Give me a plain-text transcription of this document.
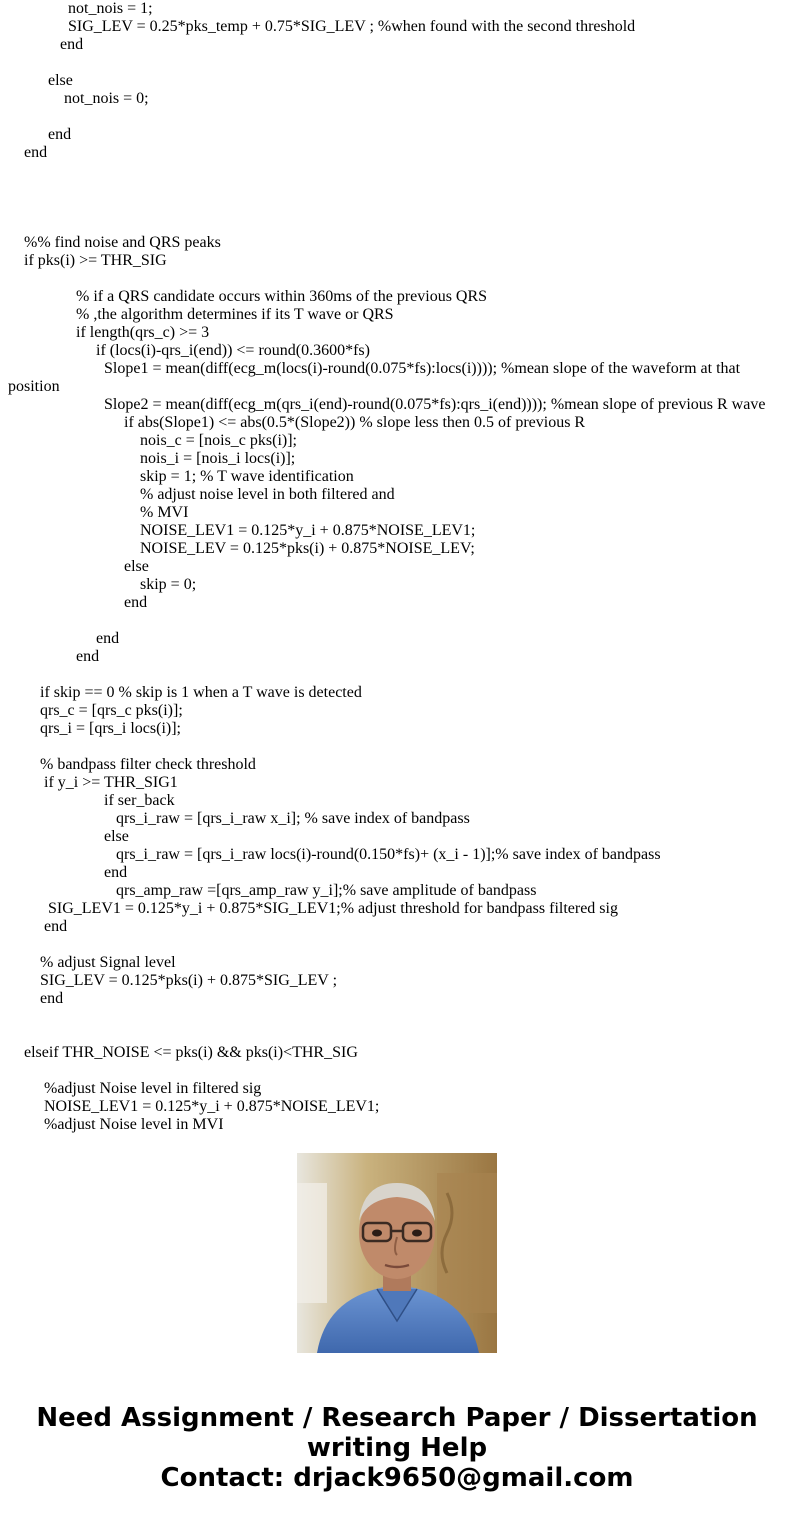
not_nois = 1;
SIG_LEV = 0.25*pks_temp + 0.75*SIG_LEV ; %when found with the second threshold
end
else
not_nois = 0;
end
end
%% find noise and QRS peaks
if pks(i) >= THR_SIG
% if a QRS candidate occurs within 360ms of the previous QRS
% ,the algorithm determines if its T wave or QRS
if length(qrs_c) >= 3
if (locs(i)-qrs_i(end)) <= round(0.3600*fs)
Slope1 = mean(diff(ecg_m(locs(i)-round(0.075*fs):locs(i)))); %mean slope of the waveform at that
position
Slope2 = mean(diff(ecg_m(qrs_i(end)-round(0.075*fs):qrs_i(end)))); %mean slope of previous R wave
if abs(Slope1) <= abs(0.5*(Slope2)) % slope less then 0.5 of previous R
nois_c = [nois_c pks(i)];
nois_i = [nois_i locs(i)];
skip = 1; % T wave identification
% adjust noise level in both filtered and
% MVI
NOISE_LEV1 = 0.125*y_i + 0.875*NOISE_LEV1;
NOISE_LEV = 0.125*pks(i) + 0.875*NOISE_LEV;
else
skip = 0;
end
end
end
if skip == 0 % skip is 1 when a T wave is detected
qrs_c = [qrs_c pks(i)];
qrs_i = [qrs_i locs(i)];
% bandpass filter check threshold
if y_i >= THR_SIG1
if ser_back
qrs_i_raw = [qrs_i_raw x_i]; % save index of bandpass
else
qrs_i_raw = [qrs_i_raw locs(i)-round(0.150*fs)+ (x_i - 1)];% save index of bandpass
end
qrs_amp_raw =[qrs_amp_raw y_i];% save amplitude of bandpass
SIG_LEV1 = 0.125*y_i + 0.875*SIG_LEV1;% adjust threshold for bandpass filtered sig
end
% adjust Signal level
SIG_LEV = 0.125*pks(i) + 0.875*SIG_LEV ;
end
elseif THR_NOISE <= pks(i) && pks(i)<THR_SIG
%adjust Noise level in filtered sig
NOISE_LEV1 = 0.125*y_i + 0.875*NOISE_LEV1;
%adjust Noise level in MVI
Need Assignment / Research Paper / Dissertation
writing Help
Contact: drjack9650@gmail.com
